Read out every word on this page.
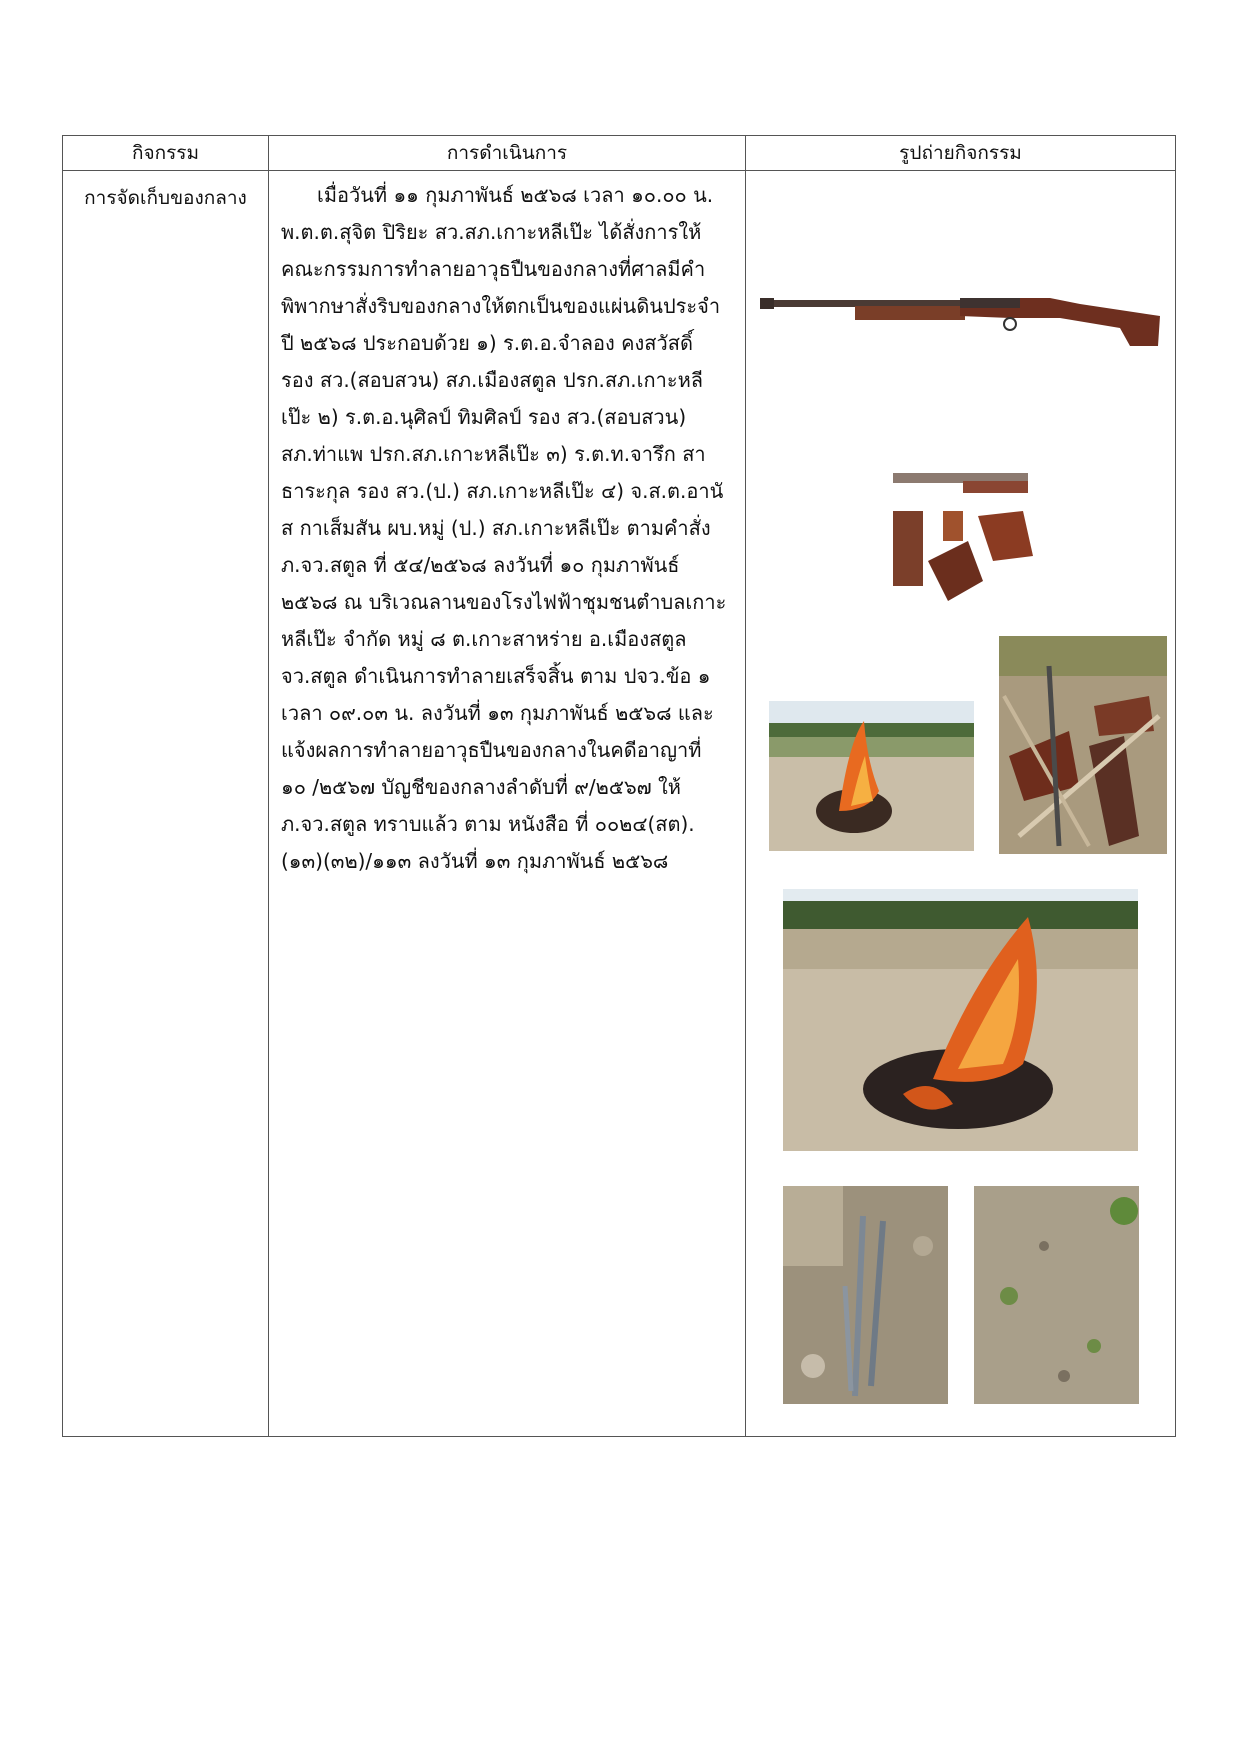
กิจกรรม	การดำเนินการ	รูปถ่ายกิจกรรม
การจัดเก็บของกลาง	เมื่อวันที่ ๑๑ กุมภาพันธ์ ๒๕๖๘ เวลา ๑๐.๐๐ น. พ.ต.ต.สุจิต ปิริยะ สว.สภ.เกาะหลีเป๊ะ ได้สั่งการให้คณะกรรมการทำลายอาวุธปืนของกลางที่ศาลมีคำพิพากษาสั่งริบของกลางให้ตกเป็นของแผ่นดินประจำปี ๒๕๖๘ ประกอบด้วย ๑) ร.ต.อ.จำลอง คงสวัสดิ์ รอง สว.(สอบสวน) สภ.เมืองสตูล ปรก.สภ.เกาะหลีเป๊ะ ๒) ร.ต.อ.นุศิลป์ ทิมศิลป์ รอง สว.(สอบสวน) สภ.ท่าแพ ปรก.สภ.เกาะหลีเป๊ะ ๓) ร.ต.ท.จารึก สาธาระกุล รอง สว.(ป.) สภ.เกาะหลีเป๊ะ ๔) จ.ส.ต.อานัส กาเส็มสัน ผบ.หมู่ (ป.) สภ.เกาะหลีเป๊ะ ตามคำสั่ง ภ.จว.สตูล ที่ ๕๔/๒๕๖๘ ลงวันที่ ๑๐ กุมภาพันธ์ ๒๕๖๘ ณ บริเวณลานของโรงไฟฟ้าชุมชนตำบลเกาะหลีเป๊ะ จำกัด หมู่ ๘ ต.เกาะสาหร่าย อ.เมืองสตูล จว.สตูล ดำเนินการทำลายเสร็จสิ้น ตาม ปจว.ข้อ ๑ เวลา ๐๙.๐๓ น. ลงวันที่ ๑๓ กุมภาพันธ์ ๒๕๖๘ และแจ้งผลการทำลายอาวุธปืนของกลางในคดีอาญาที่ ๑๐ /๒๕๖๗ บัญชีของกลางลำดับที่ ๙/๒๕๖๗ ให้ ภ.จว.สตูล ทราบแล้ว ตาม หนังสือ ที่ ๐๐๒๔(สต).(๑๓)(๓๒)/๑๑๓ ลงวันที่ ๑๓ กุมภาพันธ์ ๒๕๖๘
